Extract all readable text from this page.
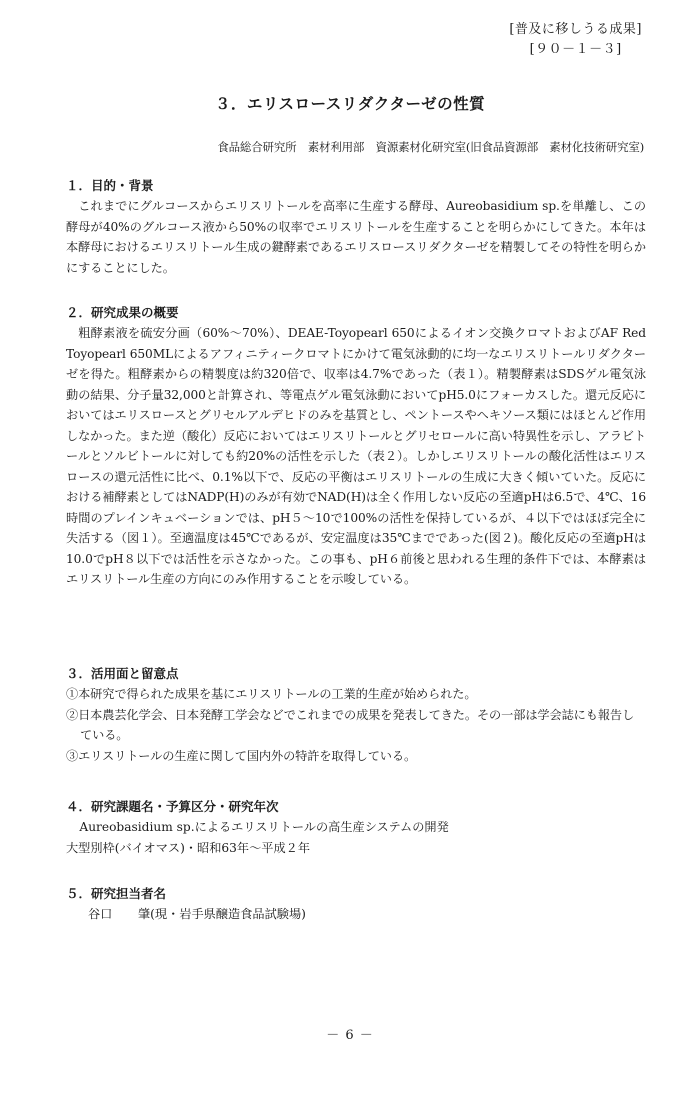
[普及に移しうる成果]
[９０－１－３]
３．エリスロースリダクターゼの性質
食品総合研究所　素材利用部　資源素材化研究室(旧食品資源部　素材化技術研究室)
１．目的・背景

これまでにグルコースからエリスリトールを高率に生産する酵母、Aureobasidium sp.を単離し、この酵母が40%のグルコース液から50%の収率でエリスリトールを生産することを明らかにしてきた。本年は本酵母におけるエリスリトール生成の鍵酵素であるエリスロースリダクターゼを精製してその特性を明らかにすることにした。

２．研究成果の概要

粗酵素液を硫安分画（60%～70%）、DEAE-Toyopearl 650によるイオン交換クロマトおよびAF Red Toyopearl 650MLによるアフィニティークロマトにかけて電気泳動的に均一なエリスリトールリダクターゼを得た。粗酵素からの精製度は約320倍で、収率は4.7%であった（表１）。精製酵素はSDSゲル電気泳動の結果、分子量32,000と計算され、等電点ゲル電気泳動においてpH5.0にフォーカスした。還元反応においてはエリスロースとグリセルアルデヒドのみを基質とし、ペントースやヘキソース類にはほとんど作用しなかった。また逆（酸化）反応においてはエリスリトールとグリセロールに高い特異性を示し、アラビトールとソルビトールに対しても約20%の活性を示した（表２）。しかしエリスリトールの酸化活性はエリスロースの還元活性に比べ、0.1%以下で、反応の平衡はエリスリトールの生成に大きく傾いていた。反応における補酵素としてはNADP(H)のみが有効でNAD(H)は全く作用しない反応の至適pHは6.5で、4℃、16時間のプレインキュベーションでは、pH５～10で100%の活性を保持しているが、４以下ではほぼ完全に失活する（図１）。至適温度は45℃であるが、安定温度は35℃までであった(図２)。酸化反応の至適pHは10.0でpH８以下では活性を示さなかった。この事も、pH６前後と思われる生理的条件下では、本酵素はエリスリトール生産の方向にのみ作用することを示唆している。

３．活用面と留意点

①本研究で得られた成果を基にエリスリトールの工業的生産が始められた。

②日本農芸化学会、日本発酵工学会などでこれまでの成果を発表してきた。その一部は学会誌にも報告している。

③エリスリトールの生産に関して国内外の特許を取得している。

４．研究課題名・予算区分・研究年次

Aureobasidium sp.によるエリスリトールの高生産システムの開発

大型別枠(バイオマス)・昭和63年～平成２年

５．研究担当者名

谷口 肇(現・岩手県醸造食品試験場)

－ 6 －
